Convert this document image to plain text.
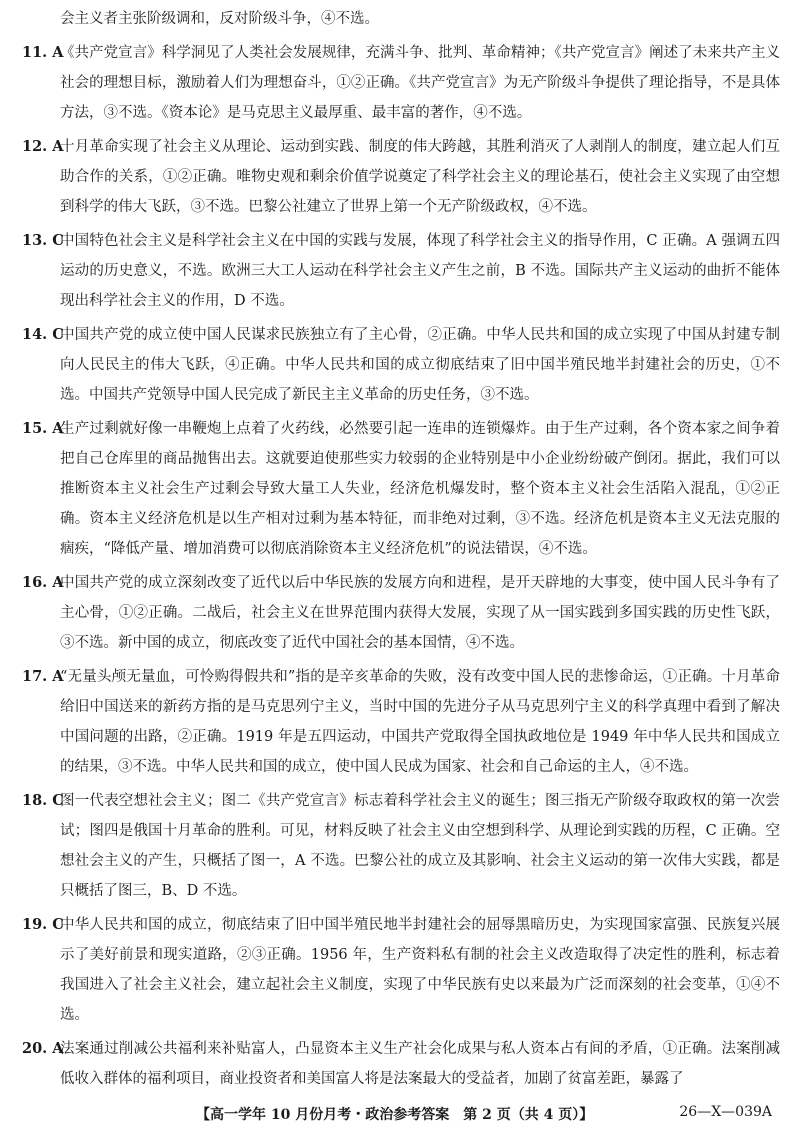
会主义者主张阶级调和，反对阶级斗争，④不选。
11. A
《共产党宣言》科学洞见了人类社会发展规律，充满斗争、批判、革命精神；《共产党宣言》阐述了未来共产主义社会的理想目标，激励着人们为理想奋斗，①②正确。《共产党宣言》为无产阶级斗争提供了理论指导，不是具体方法，③不选。《资本论》是马克思主义最厚重、最丰富的著作，④不选。
12. A
十月革命实现了社会主义从理论、运动到实践、制度的伟大跨越，其胜利消灭了人剥削人的制度，建立起人们互助合作的关系，①②正确。唯物史观和剩余价值学说奠定了科学社会主义的理论基石，使社会主义实现了由空想到科学的伟大飞跃，③不选。巴黎公社建立了世界上第一个无产阶级政权，④不选。
13. C
中国特色社会主义是科学社会主义在中国的实践与发展，体现了科学社会主义的指导作用，C 正确。A 强调五四运动的历史意义，不选。欧洲三大工人运动在科学社会主义产生之前，B 不选。国际共产主义运动的曲折不能体现出科学社会主义的作用，D 不选。
14. C
中国共产党的成立使中国人民谋求民族独立有了主心骨，②正确。中华人民共和国的成立实现了中国从封建专制向人民民主的伟大飞跃，④正确。中华人民共和国的成立彻底结束了旧中国半殖民地半封建社会的历史，①不选。中国共产党领导中国人民完成了新民主主义革命的历史任务，③不选。
15. A
生产过剩就好像一串鞭炮上点着了火药线，必然要引起一连串的连锁爆炸。由于生产过剩，各个资本家之间争着把自己仓库里的商品抛售出去。这就要迫使那些实力较弱的企业特别是中小企业纷纷破产倒闭。据此，我们可以推断资本主义社会生产过剩会导致大量工人失业，经济危机爆发时，整个资本主义社会生活陷入混乱，①②正确。资本主义经济危机是以生产相对过剩为基本特征，而非绝对过剩，③不选。经济危机是资本主义无法克服的痼疾，“降低产量、增加消费可以彻底消除资本主义经济危机”的说法错误，④不选。
16. A
中国共产党的成立深刻改变了近代以后中华民族的发展方向和进程，是开天辟地的大事变，使中国人民斗争有了主心骨，①②正确。二战后，社会主义在世界范围内获得大发展，实现了从一国实践到多国实践的历史性飞跃，③不选。新中国的成立，彻底改变了近代中国社会的基本国情，④不选。
17. A
“无量头颅无量血，可怜购得假共和”指的是辛亥革命的失败，没有改变中国人民的悲惨命运，①正确。十月革命给旧中国送来的新药方指的是马克思列宁主义，当时中国的先进分子从马克思列宁主义的科学真理中看到了解决中国问题的出路，②正确。1919 年是五四运动，中国共产党取得全国执政地位是 1949 年中华人民共和国成立的结果，③不选。中华人民共和国的成立，使中国人民成为国家、社会和自己命运的主人，④不选。
18. C
图一代表空想社会主义；图二《共产党宣言》标志着科学社会主义的诞生；图三指无产阶级夺取政权的第一次尝试；图四是俄国十月革命的胜利。可见，材料反映了社会主义由空想到科学、从理论到实践的历程，C 正确。空想社会主义的产生，只概括了图一，A 不选。巴黎公社的成立及其影响、社会主义运动的第一次伟大实践，都是只概括了图三，B、D 不选。
19. C
中华人民共和国的成立，彻底结束了旧中国半殖民地半封建社会的屈辱黑暗历史，为实现国家富强、民族复兴展示了美好前景和现实道路，②③正确。1956 年，生产资料私有制的社会主义改造取得了决定性的胜利，标志着我国进入了社会主义社会，建立起社会主义制度，实现了中华民族有史以来最为广泛而深刻的社会变革，①④不选。
20. A
法案通过削减公共福利来补贴富人，凸显资本主义生产社会化成果与私人资本占有间的矛盾，①正确。法案削减低收入群体的福利项目，商业投资者和美国富人将是法案最大的受益者，加剧了贫富差距，暴露了
【高一学年 10 月份月考・政治参考答案　第 2 页（共 4 页）】	26—X—039A
